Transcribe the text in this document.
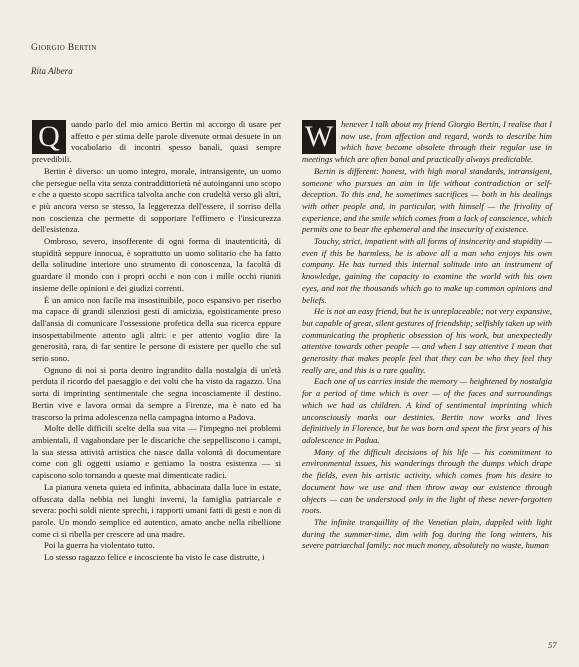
Giorgio Bertin
Rita Albera

Q	uando parlo del mio amico Bertin mi accorgo di usare per affetto e per stima delle parole divenute ormai desuete in un vocabolario di incontri spesso banali, quasi sempre prevedibili.

Bertin è diverso: un uomo integro, morale, intransigente, un uomo che persegue nella vita senza contraddittorietà né autoinganni uno scopo e che a questo scopo sacrifica talvolta anche con crudeltà verso gli altri, e più ancora verso se stesso, la leggerezza dell'essere, il sorriso della non coscienza che permette di sopportare l'effimero e l'insicurezza dell'esistenza.

Ombroso, severo, insofferente di ogni forma di inautenticità, di stupidità seppure innocua, è soprattutto un uomo solitario che ha fatto della solitudine interiore uno strumento di conoscenza, la facoltà di guardare il mondo con i propri occhi e non con i mille occhi riuniti insieme delle opinioni e dei giudizi correnti.

È un amico non facile ma insostituibile, poco espansivo per riserbo ma capace di grandi silenziosi gesti di amicizia, egoisticamente preso dall'ansia di comunicare l'ossessione profetica della sua ricerca eppure insospettabilmente attento agli altri: e per attento voglio dire la generosità, rara, di far sentire le persone di esistere per quello che sul serio sono.

Ognuno di noi si porta dentro ingrandito dalla nostalgia di un'età perduta il ricordo del paesaggio e dei volti che ha visto da ragazzo. Una sorta di imprinting sentimentale che segna incosciamente il destino. Bertin vive e lavora ormai da sempre a Firenze, ma è nato ed ha trascorso la prima adolescenza nella campagna intorno a Padova.

Molte delle difficili scelte della sua vita — l'impegno nei problemi ambientali, il vagabondare per le discariche che seppelliscono i campi, la sua stessa attività artistica che nasce dalla volontà di documentare come con gli oggetti usiamo e gettiamo la nostra esistenza — si capiscono solo tornando a queste mai dimenticate radici.

La pianura veneta quieta ed infinita, abbacinata dalla luce in estate, offuscata dalla nebbia nei lunghi inverni, la famiglia patriarcale e severa: pochi soldi niente sprechi, i rapporti umani fatti di gesti e non di parole. Un mondo semplice ed autentico, amato anche nella ribellione come ci si ribella per crescere ad una madre.

Poi la guerra ha violentato tutto.

Lo stesso ragazzo felice e incosciente ha visto le case distrutte, i

W henever I talk about my friend Giorgio Bertin, I realise that I now use, from affection and regard, words to describe him which have become obsolete through their regular use in meetings which are often banal and practically always predictable.

Bertin is different: honest, with high moral standards, intransigent, someone who pursues an aim in life without contradiction or self-deception. To this end, he sometimes sacrifices — both in his dealings with other people and, in particular, with himself — the frivolity of experience, and the smile which comes from a lack of conscience, which permits one to bear the ephemeral and the insecurity of existence.

Touchy, strict, impatient with all forms of insincerity and stupidity — even if this be harmless, he is above all a man who enjoys his own company. He has turned this internal solitude into an instrument of knowledge, gaining the capacity to examine the world with his own eyes, and not the thousands which go to make up common opinions and beliefs.

He is not an easy friend, but he is unreplaceable; not very expansive, but capable of great, silent gestures of friendship; selfishly taken up with communicating the prophetic obsession of his work, but unexpectedly attentive towards other people — and when I say attentive I mean that generosity that makes people feel that they can be who they feel they really are, and this is a rare quality.

Each one of us carries inside the memory — heightened by nostalgia for a period of time which is over — of the faces and surroundings which we had as children. A kind of sentimental imprinting which unconsciously marks our destinies. Bertin now works and lives definitively in Florence, but he was born and spent the first years of his adolescence in Padua.

Many of the difficult decisions of his life — his commitment to environmental issues, his wanderings through the dumps which drape the fields, even his artistic activity, which comes from his desire to document how we use and then throw away our existence through objects — can be understood only in the light of these never-forgotten roots.

The infinite tranquillity of the Venetian plain, dappled with light during the summer-time, dim with fog during the long winters, his severe patriarchal family: not much money, absolutely no waste, human

57
